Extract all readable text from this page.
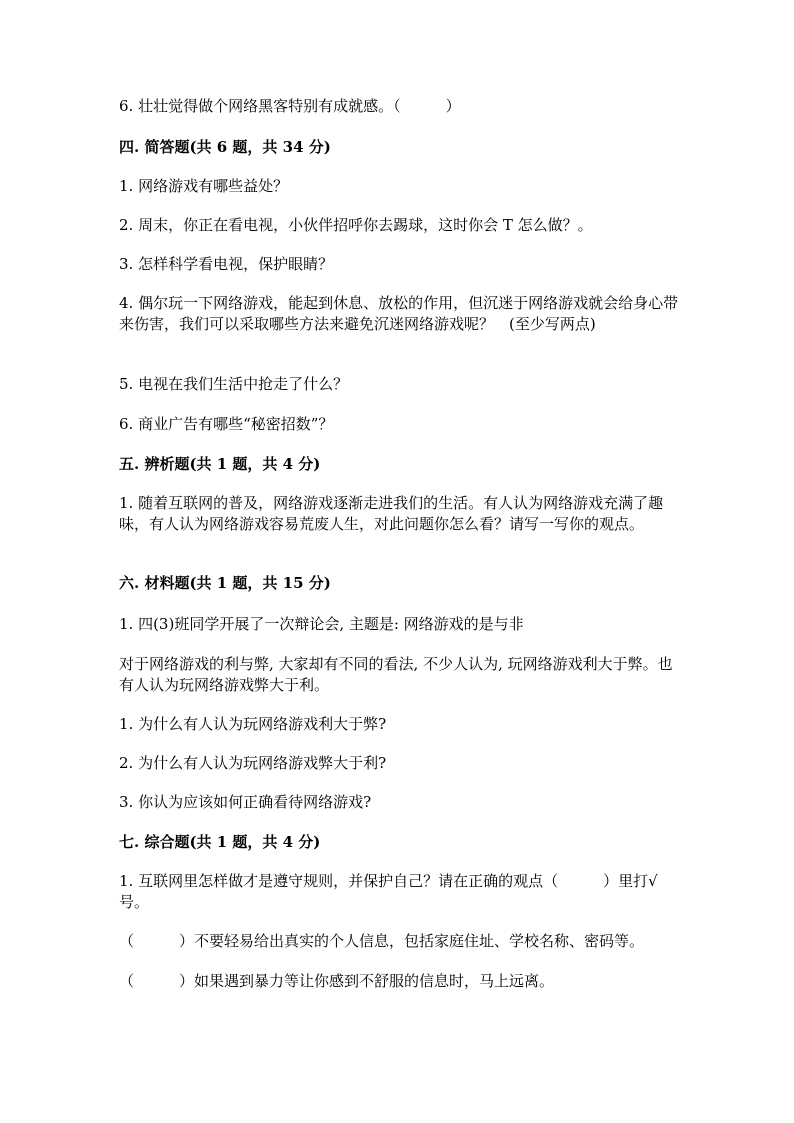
6. 壮壮觉得做个网络黑客特别有成就感。（　　　）
四. 简答题(共 6 题，共 34 分)
1. 网络游戏有哪些益处？
2. 周末，你正在看电视，小伙伴招呼你去踢球，这时你会 T 怎么做？。
3. 怎样科学看电视，保护眼睛？
4. 偶尔玩一下网络游戏，能起到休息、放松的作用，但沉迷于网络游戏就会给身心带来伤害，我们可以采取哪些方法来避免沉迷网络游戏呢？　(至少写两点)
5. 电视在我们生活中抢走了什么？
6. 商业广告有哪些“秘密招数”？
五. 辨析题(共 1 题，共 4 分)
1. 随着互联网的普及，网络游戏逐渐走进我们的生活。有人认为网络游戏充满了趣味，有人认为网络游戏容易荒废人生，对此问题你怎么看？请写一写你的观点。
六. 材料题(共 1 题，共 15 分)
1. 四(3)班同学开展了一次辩论会, 主题是: 网络游戏的是与非
对于网络游戏的利与弊, 大家却有不同的看法, 不少人认为, 玩网络游戏利大于弊。也有人认为玩网络游戏弊大于利。
1. 为什么有人认为玩网络游戏利大于弊?
2. 为什么有人认为玩网络游戏弊大于利?
3. 你认为应该如何正确看待网络游戏?
七. 综合题(共 1 题，共 4 分)
1. 互联网里怎样做才是遵守规则，并保护自己？请在正确的观点（　　　）里打√号。
（　　　）不要轻易给出真实的个人信息，包括家庭住址、学校名称、密码等。
（　　　）如果遇到暴力等让你感到不舒服的信息时，马上远离。
